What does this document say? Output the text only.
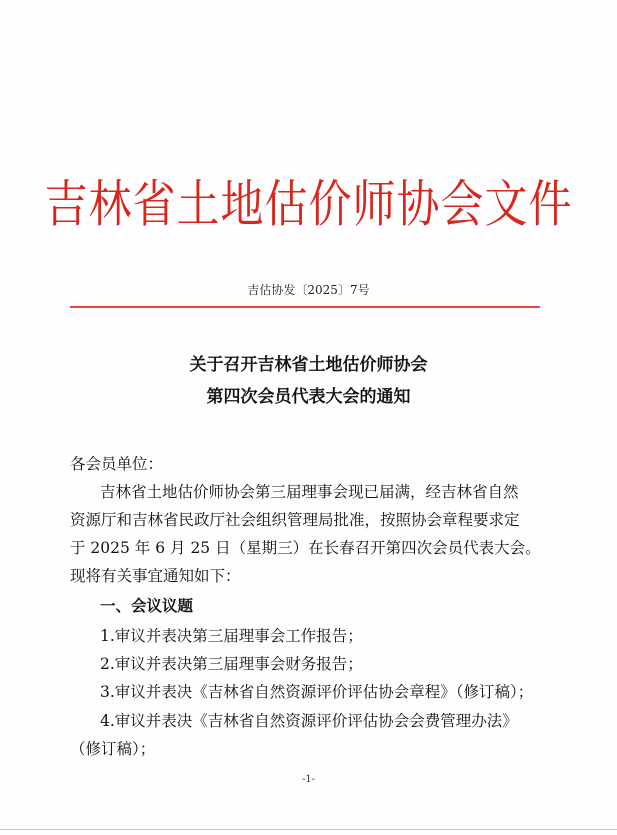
吉林省土地估价师协会文件
吉估协发〔2025〕7号
关于召开吉林省土地估价师协会
第四次会员代表大会的通知
各会员单位：
吉林省土地估价师协会第三届理事会现已届满，经吉林省自然
资源厅和吉林省民政厅社会组织管理局批准，按照协会章程要求定
于 2025 年 6 月 25 日（星期三）在长春召开第四次会员代表大会。
现将有关事宜通知如下：
一、会议议题
1.审议并表决第三届理事会工作报告；
2.审议并表决第三届理事会财务报告；
3.审议并表决《吉林省自然资源评价评估协会章程》（修订稿）；
4.审议并表决《吉林省自然资源评价评估协会会费管理办法》
（修订稿）；
-1-
